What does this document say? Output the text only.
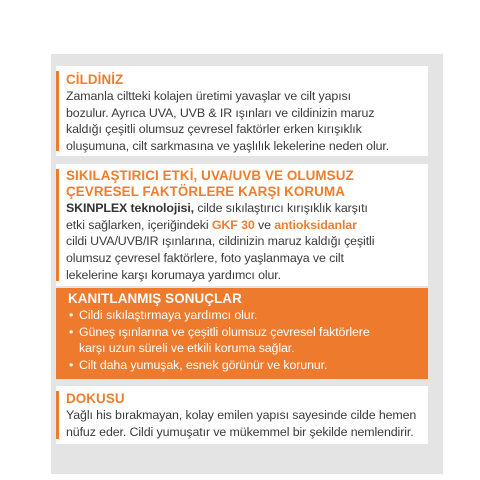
CİLDİNİZ
Zamanla ciltteki kolajen üretimi yavaşlar ve cilt yapısı
bozulur. Ayrıca UVA, UVB & IR ışınları ve cildinizin maruz
kaldığı çeşitli olumsuz çevresel faktörler erken kırışıklık
oluşumuna, cilt sarkmasına ve yaşlılık lekelerine neden olur.
SIKILAŞTIRICI ETKİ, UVA/UVB VE OLUMSUZ
ÇEVRESEL FAKTÖRLERE KARŞI KORUMA
SKINPLEX teknolojisi, cilde sıkılaştırıcı kırışıklık karşıtı
etki sağlarken, içeriğindeki GKF 30 ve antioksidanlar
cildi UVA/UVB/IR ışınlarına, cildinizin maruz kaldığı çeşitli
olumsuz çevresel faktörlere, foto yaşlanmaya ve cilt
lekelerine karşı korumaya yardımcı olur.
KANITLANMIŞ SONUÇLAR
• Cildi sıkılaştırmaya yardımcı olur.
• Güneş ışınlarına ve çeşitli olumsuz çevresel faktörlere
karşı uzun süreli ve etkili koruma sağlar.
• Cilt daha yumuşak, esnek görünür ve korunur.
DOKUSU
Yağlı his bırakmayan, kolay emilen yapısı sayesinde cilde hemen
nüfuz eder. Cildi yumuşatır ve mükemmel bir şekilde nemlendirir.
